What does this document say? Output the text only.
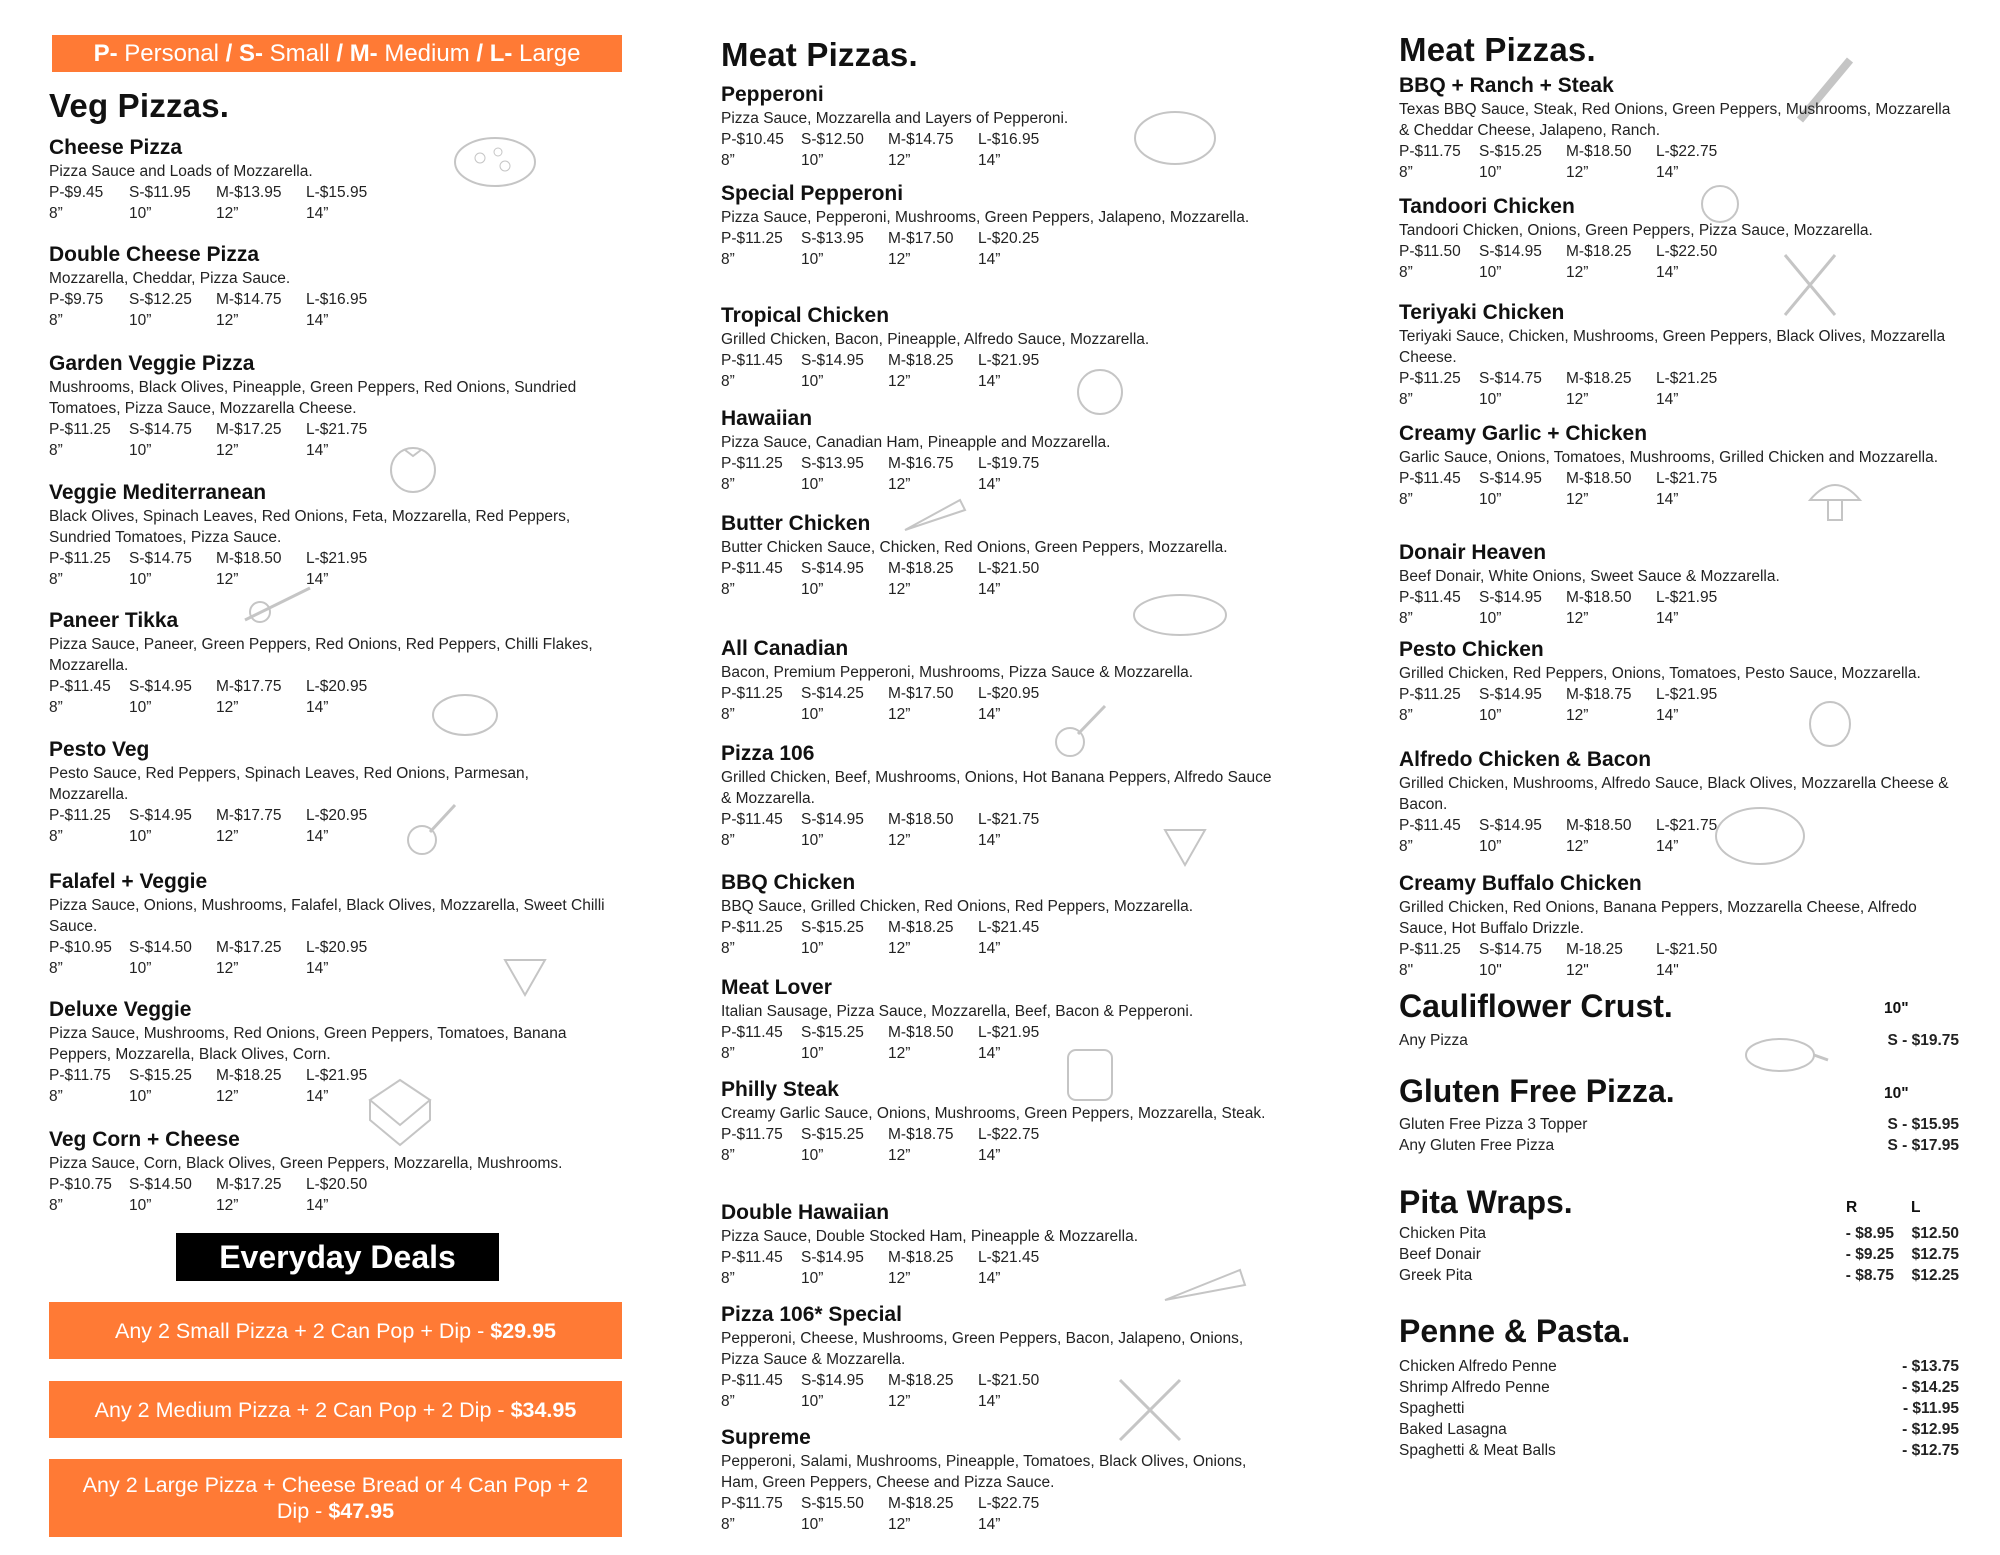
P- Personal / S- Small / M- Medium / L- Large
Veg Pizzas.
Cheese Pizza
Pizza Sauce and Loads of Mozzarella.
P-$9.45	S-$11.95	M-$13.95	L-$15.95
8”	10”	12”	14”
Double Cheese Pizza
Mozzarella, Cheddar, Pizza Sauce.
P-$9.75	S-$12.25	M-$14.75	L-$16.95
8”	10”	12”	14”
Garden Veggie Pizza
Mushrooms, Black Olives, Pineapple, Green Peppers, Red Onions, Sundried Tomatoes, Pizza Sauce, Mozzarella Cheese.
P-$11.25	S-$14.75	M-$17.25	L-$21.75
8”	10”	12”	14”
Veggie Mediterranean
Black Olives, Spinach Leaves, Red Onions, Feta, Mozzarella, Red Peppers, Sundried Tomatoes, Pizza Sauce.
P-$11.25	S-$14.75	M-$18.50	L-$21.95
8”	10”	12”	14”
Paneer Tikka
Pizza Sauce, Paneer, Green Peppers, Red Onions, Red Peppers, Chilli Flakes, Mozzarella.
P-$11.45	S-$14.95	M-$17.75	L-$20.95
8”	10”	12”	14”
Pesto Veg
Pesto Sauce, Red Peppers, Spinach Leaves, Red Onions, Parmesan, Mozzarella.
P-$11.25	S-$14.95	M-$17.75	L-$20.95
8”	10”	12”	14”
Falafel + Veggie
Pizza Sauce, Onions, Mushrooms, Falafel, Black Olives, Mozzarella, Sweet Chilli Sauce.
P-$10.95	S-$14.50	M-$17.25	L-$20.95
8”	10”	12”	14”
Deluxe Veggie
Pizza Sauce, Mushrooms, Red Onions, Green Peppers, Tomatoes, Banana Peppers, Mozzarella, Black Olives, Corn.
P-$11.75	S-$15.25	M-$18.25	L-$21.95
8”	10”	12”	14”
Veg Corn + Cheese
Pizza Sauce, Corn, Black Olives, Green Peppers, Mozzarella, Mushrooms.
P-$10.75	S-$14.50	M-$17.25	L-$20.50
8”	10”	12”	14”
Everyday Deals
Any 2 Small Pizza + 2 Can Pop + Dip - $29.95
Any 2 Medium Pizza + 2 Can Pop + 2 Dip - $34.95
Any 2 Large Pizza + Cheese Bread or 4 Can Pop + 2 Dip - $47.95
Meat Pizzas.
Pepperoni
Pizza Sauce, Mozzarella and Layers of Pepperoni.
P-$10.45	S-$12.50	M-$14.75	L-$16.95
8”	10”	12”	14”
Special Pepperoni
Pizza Sauce, Pepperoni, Mushrooms, Green Peppers, Jalapeno, Mozzarella.
P-$11.25	S-$13.95	M-$17.50	L-$20.25
8”	10”	12”	14”
Tropical Chicken
Grilled Chicken, Bacon, Pineapple, Alfredo Sauce, Mozzarella.
P-$11.45	S-$14.95	M-$18.25	L-$21.95
8”	10”	12”	14”
Hawaiian
Pizza Sauce, Canadian Ham, Pineapple and Mozzarella.
P-$11.25	S-$13.95	M-$16.75	L-$19.75
8”	10”	12”	14”
Butter Chicken
Butter Chicken Sauce, Chicken, Red Onions, Green Peppers, Mozzarella.
P-$11.45	S-$14.95	M-$18.25	L-$21.50
8”	10”	12”	14”
All Canadian
Bacon, Premium Pepperoni, Mushrooms, Pizza Sauce & Mozzarella.
P-$11.25	S-$14.25	M-$17.50	L-$20.95
8”	10”	12”	14”
Pizza 106
Grilled Chicken, Beef, Mushrooms, Onions, Hot Banana Peppers, Alfredo Sauce & Mozzarella.
P-$11.45	S-$14.95	M-$18.50	L-$21.75
8”	10”	12”	14”
BBQ Chicken
BBQ Sauce, Grilled Chicken, Red Onions, Red Peppers, Mozzarella.
P-$11.25	S-$15.25	M-$18.25	L-$21.45
8”	10”	12”	14”
Meat Lover
Italian Sausage, Pizza Sauce, Mozzarella, Beef, Bacon & Pepperoni.
P-$11.45	S-$15.25	M-$18.50	L-$21.95
8”	10”	12”	14”
Philly Steak
Creamy Garlic Sauce, Onions, Mushrooms, Green Peppers, Mozzarella, Steak.
P-$11.75	S-$15.25	M-$18.75	L-$22.75
8”	10”	12”	14”
Double Hawaiian
Pizza Sauce, Double Stocked Ham, Pineapple & Mozzarella.
P-$11.45	S-$14.95	M-$18.25	L-$21.45
8”	10”	12”	14”
Pizza 106* Special
Pepperoni, Cheese, Mushrooms, Green Peppers, Bacon, Jalapeno, Onions, Pizza Sauce & Mozzarella.
P-$11.45	S-$14.95	M-$18.25	L-$21.50
8”	10”	12”	14”
Supreme
Pepperoni, Salami, Mushrooms, Pineapple, Tomatoes, Black Olives, Onions, Ham, Green Peppers, Cheese and Pizza Sauce.
P-$11.75	S-$15.50	M-$18.25	L-$22.75
8”	10”	12”	14”
Meat Pizzas.
BBQ + Ranch + Steak
Texas BBQ Sauce, Steak, Red Onions, Green Peppers, Mushrooms, Mozzarella & Cheddar Cheese, Jalapeno, Ranch.
P-$11.75	S-$15.25	M-$18.50	L-$22.75
8”	10”	12”	14”
Tandoori Chicken
Tandoori Chicken, Onions, Green Peppers, Pizza Sauce, Mozzarella.
P-$11.50	S-$14.95	M-$18.25	L-$22.50
8”	10”	12”	14”
Teriyaki Chicken
Teriyaki Sauce, Chicken, Mushrooms, Green Peppers, Black Olives, Mozzarella Cheese.
P-$11.25	S-$14.75	M-$18.25	L-$21.25
8”	10”	12”	14”
Creamy Garlic + Chicken
Garlic Sauce, Onions, Tomatoes, Mushrooms, Grilled Chicken and Mozzarella.
P-$11.45	S-$14.95	M-$18.50	L-$21.75
8”	10”	12”	14”
Donair Heaven
Beef Donair, White Onions, Sweet Sauce & Mozzarella.
P-$11.45	S-$14.95	M-$18.50	L-$21.95
8”	10”	12”	14”
Pesto Chicken
Grilled Chicken, Red Peppers, Onions, Tomatoes, Pesto Sauce, Mozzarella.
P-$11.25	S-$14.95	M-$18.75	L-$21.95
8”	10”	12”	14”
Alfredo Chicken & Bacon
Grilled Chicken, Mushrooms, Alfredo Sauce, Black Olives, Mozzarella Cheese & Bacon.
P-$11.45	S-$14.95	M-$18.50	L-$21.75
8”	10”	12”	14”
Creamy Buffalo Chicken
Grilled Chicken, Red Onions, Banana Peppers, Mozzarella Cheese, Alfredo Sauce, Hot Buffalo Drizzle.
P-$11.25	S-$14.75	M-18.25	L-$21.50
8"	10"	12"	14"
Cauliflower Crust.	10"
Any Pizza	S - $19.75
Gluten Free Pizza.	10"
Gluten Free Pizza 3 Topper	S - $15.95
Any Gluten Free Pizza	S - $17.95
Pita Wraps.	R	L
Chicken Pita	- $8.95 $12.50
Beef Donair	- $9.25 $12.75
Greek Pita	- $8.75 $12.25
Penne & Pasta.
Chicken Alfredo Penne	- $13.75
Shrimp Alfredo Penne	- $14.25
Spaghetti	- $11.95
Baked Lasagna	- $12.95
Spaghetti & Meat Balls	- $12.75
